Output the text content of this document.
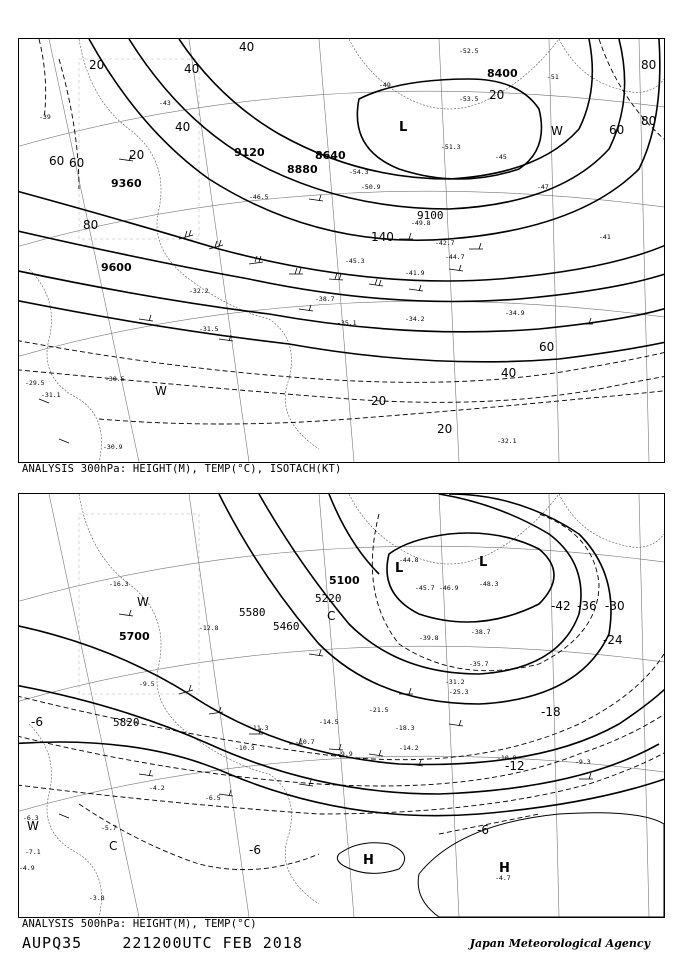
9360
9600
9120
8880
8640
8400
9100
20	40
60
80
40
60	20
40	60
80
20
20
20
40
60
80
140
L	W
W
-53.5
-51.3
-52.5
-54.3
-49.8
-45.3
-41.9
-38.7
-35.1	-34.2
-32.2
-31.5
-29.5
-31.1
-30.5
-30.9
-32.1
-34.9
-42.7
-44.7
-46.5
-50.9
-39
-41
-43
-45
-47
-49
-51
ANALYSIS 300hPa: HEIGHT(M), TEMP(°C), ISOTACH(KT)
5700
5820
5100
5460
5220
5580	-42 -36 -30
-24
-18
-12
-6
-6
-6
L	L
H
H
C
C
W
W
-44.8
-45.7 -46.9	-48.3
-39.8
-38.7
-35.7
-31.2
-25.3
-21.5
-18.3
-14.5
-10.7
-9.9
-10.3
-11.3
-9.3
-4.7
-6.5
-6.3
-7.1
-4.9
-5.7
-3.8
-10.9
-14.2
-16.3
-12.8
-9.5
-4.2
ANALYSIS 500hPa: HEIGHT(M), TEMP(°C)
AUPQ35	221200UTC FEB 2018	Japan Meteorological Agency
